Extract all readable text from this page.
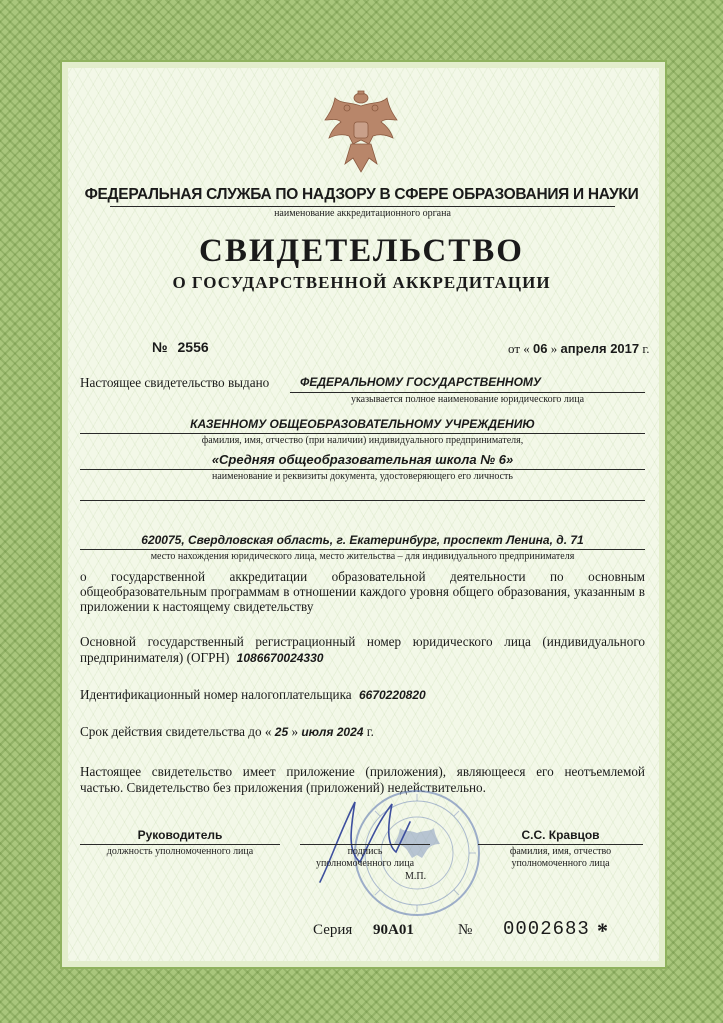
ФЕДЕРАЛЬНАЯ СЛУЖБА ПО НАДЗОРУ В СФЕРЕ ОБРАЗОВАНИЯ И НАУКИ
наименование аккредитационного органа
СВИДЕТЕЛЬСТВО
О ГОСУДАРСТВЕННОЙ АККРЕДИТАЦИИ
№ 2556	от « 06 » апреля 2017 г.
Настоящее свидетельство выдано	ФЕДЕРАЛЬНОМУ ГОСУДАРСТВЕННОМУ
указывается полное наименование юридического лица
КАЗЕННОМУ ОБЩЕОБРАЗОВАТЕЛЬНОМУ УЧРЕЖДЕНИЮ
фамилия, имя, отчество (при наличии) индивидуального предпринимателя,
«Средняя общеобразовательная школа № 6»
наименование и реквизиты документа, удостоверяющего его личность
620075, Свердловская область, г. Екатеринбург, проспект Ленина, д. 71
место нахождения юридического лица, место жительства – для индивидуального предпринимателя
о государственной аккредитации образовательной деятельности по основным
общеобразовательным программам в отношении каждого уровня общего образования, указанным в
приложении к настоящему свидетельству
Основной государственный регистрационный номер юридического лица (индивидуального
предпринимателя) (ОГРН) 1086670024330
Идентификационный номер налогоплательщика 6670220820
Срок действия свидетельства до « 25 » июля 2024 г.
Настоящее свидетельство имеет приложение (приложения), являющееся его неотъемлемой
частью. Свидетельство без приложения (приложений) недействительно.
Руководитель
должность уполномоченного лица	подпись
уполномоченного лица
М.П.
С.С. Кравцов
фамилия, имя, отчество
уполномоченного лица
Серия 90А01	№ 0002683 *
